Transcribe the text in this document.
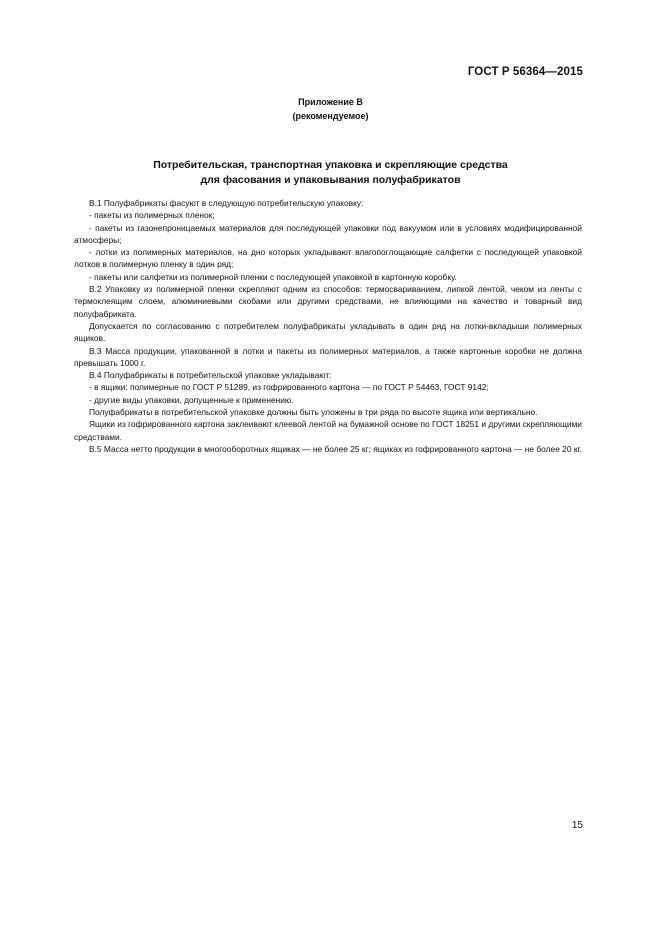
ГОСТ Р 56364—2015
Приложение В
(рекомендуемое)
Потребительская, транспортная упаковка и скрепляющие средства
для фасования и упаковывания полуфабрикатов

В.1 Полуфабрикаты фасуют в следующую потребительскую упаковку:

- пакеты из полимерных пленок;

- пакеты из газонепроницаемых материалов для последующей упаковки под вакуумом или в условиях модифицированной атмосферы;

- лотки из полимерных материалов, на дно которых укладывают влагопоглощающие салфетки с последующей упаковкой лотков в полимерную пленку в один ряд;

- пакеты или салфетки из полимерной пленки с последующей упаковкой в картонную коробку.

В.2 Упаковку из полимерной пленки скрепляют одним из способов: термосвариванием, липкой лентой, чеком из ленты с термоклеящим слоем, алюминиевыми скобами или другими средствами, не влияющими на качество и товарный вид полуфабриката.

Допускается по согласованию с потребителем полуфабрикаты укладывать в один ряд на лотки-вкладыши полимерных ящиков.

В.3 Масса продукции, упакованной в лотки и пакеты из полимерных материалов, а также картонные коробки не должна превышать 1000 г.

В.4 Полуфабрикаты в потребительской упаковке укладывают:

- в ящики: полимерные по ГОСТ Р 51289, из гофрированного картона — по ГОСТ Р 54463, ГОСТ 9142;

- другие виды упаковки, допущенные к применению.

Полуфабрикаты в потребительской упаковке должны быть уложены в три ряда по высоте ящика или вертикально.

Ящики из гофрированного картона заклеивают клеевой лентой на бумажной основе по ГОСТ 18251 и другими скрепляющими средствами.

В.5 Масса нетто продукции в многооборотных ящиках — не более 25 кг; ящиках из гофрированного картона — не более 20 кг.

15
